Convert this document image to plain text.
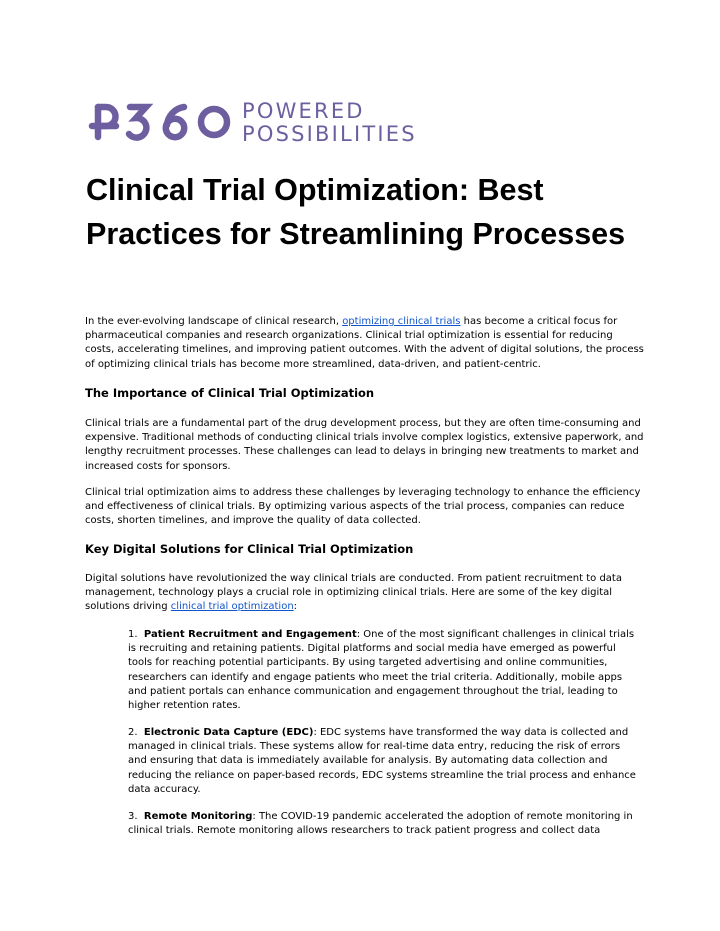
POWERED
POSSIBILITIES
Clinical Trial Optimization: Best
Practices for Streamlining Processes

In the ever-evolving landscape of clinical research, optimizing clinical trials has become a critical focus for pharmaceutical companies and research organizations. Clinical trial optimization is essential for reducing costs, accelerating timelines, and improving patient outcomes. With the advent of digital solutions, the process of optimizing clinical trials has become more streamlined, data-driven, and patient-centric.

The Importance of Clinical Trial Optimization

Clinical trials are a fundamental part of the drug development process, but they are often time-consuming and expensive. Traditional methods of conducting clinical trials involve complex logistics, extensive paperwork, and lengthy recruitment processes. These challenges can lead to delays in bringing new treatments to market and increased costs for sponsors.

Clinical trial optimization aims to address these challenges by leveraging technology to enhance the efficiency and effectiveness of clinical trials. By optimizing various aspects of the trial process, companies can reduce costs, shorten timelines, and improve the quality of data collected.

Key Digital Solutions for Clinical Trial Optimization

Digital solutions have revolutionized the way clinical trials are conducted. From patient recruitment to data management, technology plays a crucial role in optimizing clinical trials. Here are some of the key digital solutions driving clinical trial optimization:

1. Patient Recruitment and Engagement: One of the most significant challenges in clinical trials is recruiting and retaining patients. Digital platforms and social media have emerged as powerful tools for reaching potential participants. By using targeted advertising and online communities, researchers can identify and engage patients who meet the trial criteria. Additionally, mobile apps and patient portals can enhance communication and engagement throughout the trial, leading to higher retention rates.

2. Electronic Data Capture (EDC): EDC systems have transformed the way data is collected and managed in clinical trials. These systems allow for real-time data entry, reducing the risk of errors and ensuring that data is immediately available for analysis. By automating data collection and reducing the reliance on paper-based records, EDC systems streamline the trial process and enhance data accuracy.

3. Remote Monitoring: The COVID-19 pandemic accelerated the adoption of remote monitoring in clinical trials. Remote monitoring allows researchers to track patient progress and collect data
